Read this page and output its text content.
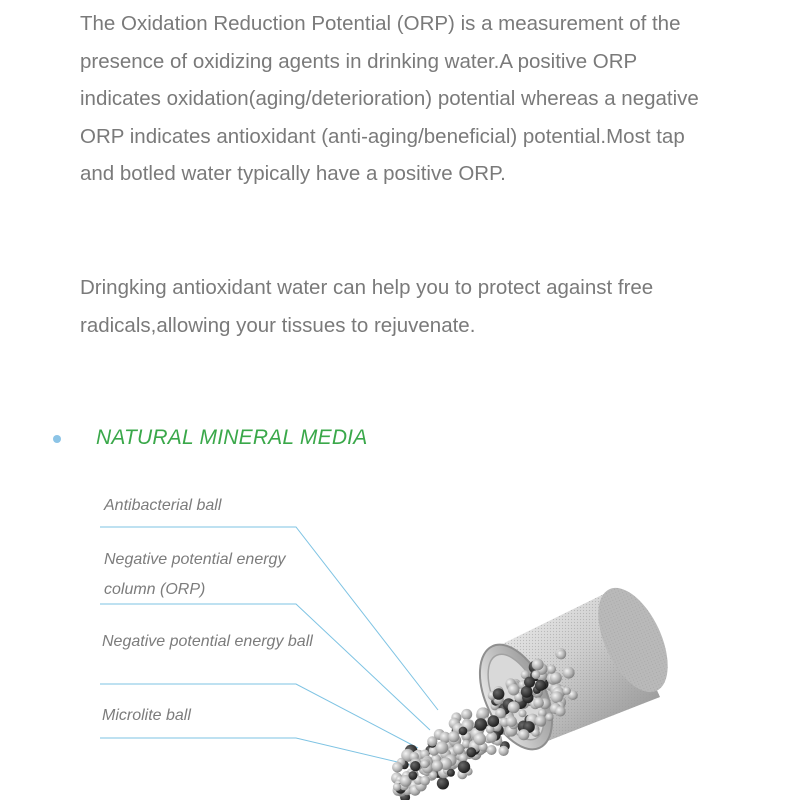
The Oxidation Reduction Potential (ORP) is a measurement of the presence of oxidizing agents in drinking water.A positive ORP indicates oxidation(aging/deterioration) potential whereas a negative ORP indicates antioxidant (anti-aging/beneficial) potential.Most tap and botled water typically have a positive ORP.

Dringking antioxidant water can help you to protect against free radicals,allowing your tissues to rejuvenate.

NATURAL MINERAL MEDIA

Antibacterial ball

Negative potential energy column (ORP)

Negative potential energy ball

Microlite ball
